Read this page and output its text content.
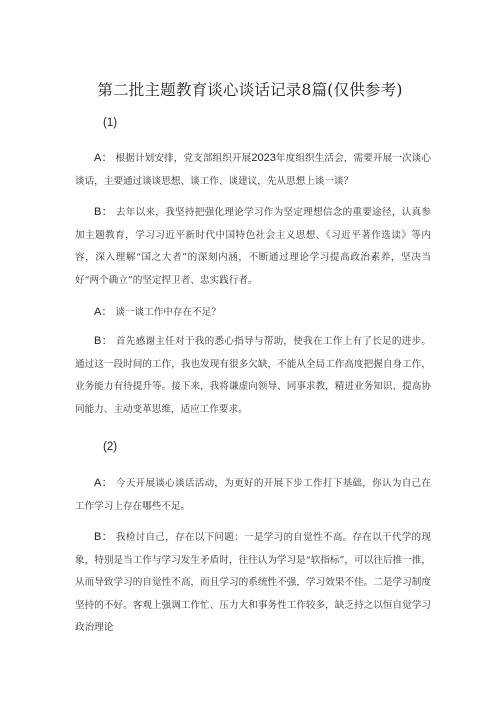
第二批主题教育谈心谈话记录8篇(仅供参考)
(1)
A： 根据计划安排，党支部组织开展2023年度组织生活会，需要开展一次谈心谈话，主要通过谈谈思想、谈工作、谈建议，先从思想上谈一谈？
B： 去年以来，我坚持把强化理论学习作为坚定理想信念的重要途径，认真参加主题教育，学习习近平新时代中国特色社会主义思想、《习近平著作选读》等内容，深入理解“国之大者”的深刻内涵，不断通过理论学习提高政治素养，坚决当好“两个确立”的坚定捍卫者、忠实践行者。
A： 谈一谈工作中存在不足？
B： 首先感谢主任对于我的悉心指导与帮助，使我在工作上有了长足的进步。通过这一段时间的工作，我也发现有很多欠缺，不能从全局工作高度把握自身工作，业务能力有待提升等。接下来，我将谦虚向领导、同事求教，精进业务知识、提高协同能力、主动变革思维，适应工作要求。
(2)
A： 今天开展谈心谈话活动，为更好的开展下步工作打下基础，你认为自己在工作学习上存在哪些不足。
B： 我检讨自己，存在以下问题：一是学习的自觉性不高。存在以干代学的现象，特别是当工作与学习发生矛盾时，往往认为学习是“软指标”，可以往后推一推，从而导致学习的自觉性不高，而且学习的系统性不强，学习效果不佳。二是学习制度坚持的不好。客观上强调工作忙、压力大和事务性工作较多，缺乏持之以恒自觉学习政治理论
